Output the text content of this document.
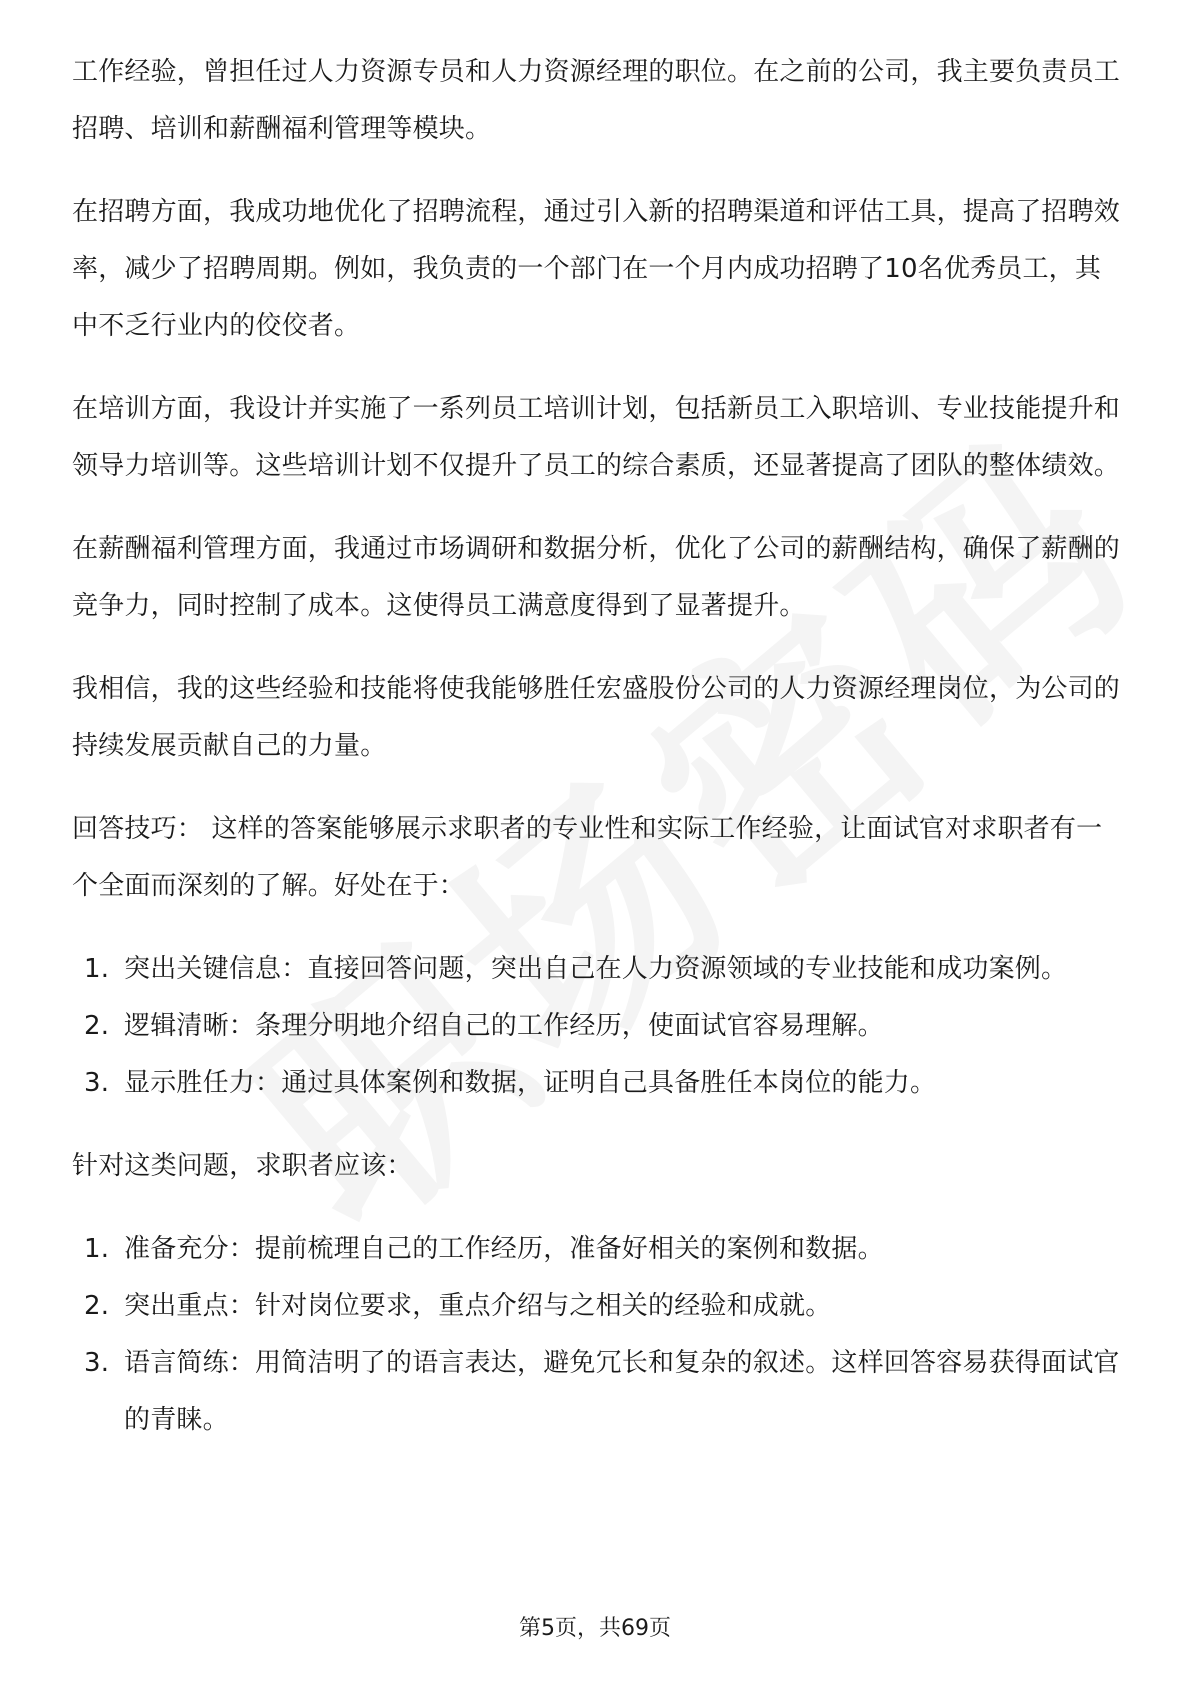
工作经验，曾担任过人力资源专员和人力资源经理的职位。在之前的公司，我主要负责员工招聘、培训和薪酬福利管理等模块。

在招聘方面，我成功地优化了招聘流程，通过引入新的招聘渠道和评估工具，提高了招聘效率，减少了招聘周期。例如，我负责的一个部门在一个月内成功招聘了10名优秀员工，其中不乏行业内的佼佼者。

在培训方面，我设计并实施了一系列员工培训计划，包括新员工入职培训、专业技能提升和领导力培训等。这些培训计划不仅提升了员工的综合素质，还显著提高了团队的整体绩效。

在薪酬福利管理方面，我通过市场调研和数据分析，优化了公司的薪酬结构，确保了薪酬的竞争力，同时控制了成本。这使得员工满意度得到了显著提升。

我相信，我的这些经验和技能将使我能够胜任宏盛股份公司的人力资源经理岗位，为公司的持续发展贡献自己的力量。

回答技巧： 这样的答案能够展示求职者的专业性和实际工作经验，让面试官对求职者有一个全面而深刻的了解。好处在于：

1. 突出关键信息：直接回答问题，突出自己在人力资源领域的专业技能和成功案例。
2. 逻辑清晰：条理分明地介绍自己的工作经历，使面试官容易理解。
3. 显示胜任力：通过具体案例和数据，证明自己具备胜任本岗位的能力。

针对这类问题，求职者应该：

1. 准备充分：提前梳理自己的工作经历，准备好相关的案例和数据。
2. 突出重点：针对岗位要求，重点介绍与之相关的经验和成就。
3. 语言简练：用简洁明了的语言表达，避免冗长和复杂的叙述。这样回答容易获得面试官的青睐。
第5页，共69页
